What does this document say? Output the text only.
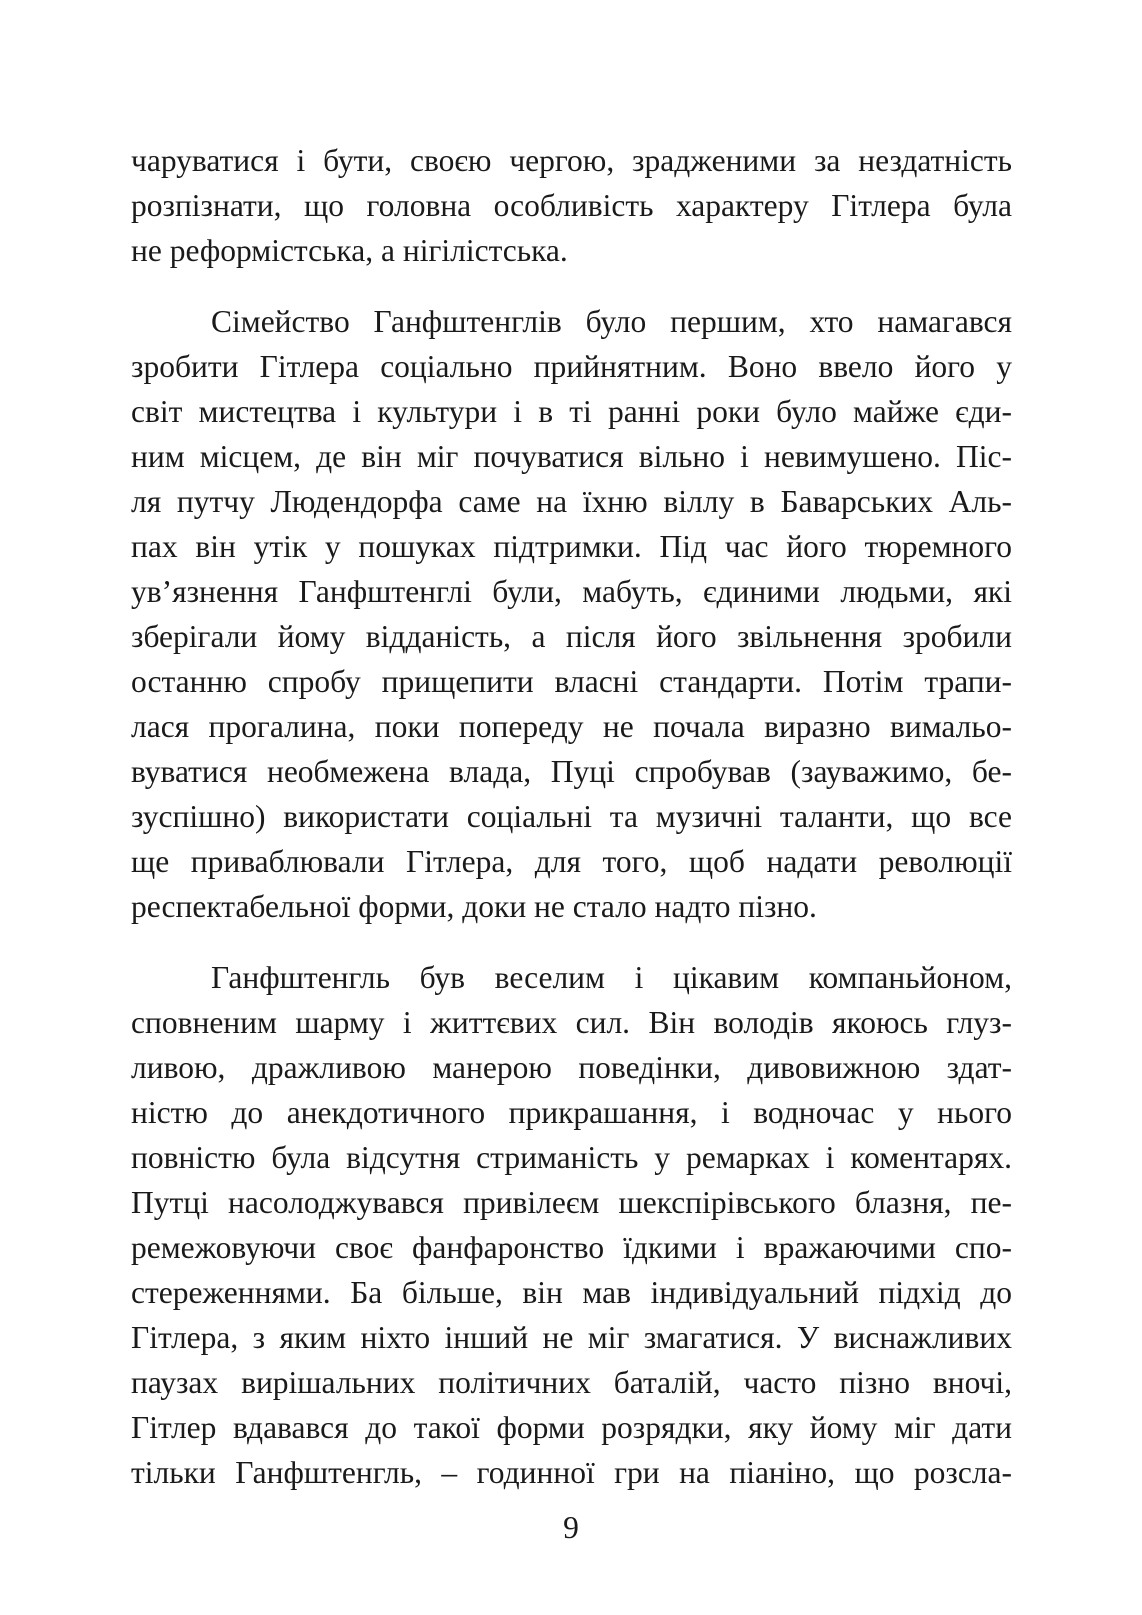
чаруватися і бути, своєю чергою, зрадженими за нездатність
розпізнати, що головна особливість характеру Гітлера була
не реформістська, а нігілістська.
Сімейство Ганфштенглів було першим, хто намагався
зробити Гітлера соціально прийнятним. Воно ввело його у
світ мистецтва і культури і в ті ранні роки було майже єди-
ним місцем, де він міг почуватися вільно і невимушено. Піс-
ля путчу Людендорфа саме на їхню віллу в Баварських Аль-
пах він утік у пошуках підтримки. Під час його тюремного
ув’язнення Ганфштенглі були, мабуть, єдиними людьми, які
зберігали йому відданість, а після його звільнення зробили
останню спробу прищепити власні стандарти. Потім трапи-
лася прогалина, поки попереду не почала виразно вимальо-
вуватися необмежена влада, Пуці спробував (зауважимо, бе-
зуспішно) використати соціальні та музичні таланти, що все
ще приваблювали Гітлера, для того, щоб надати революції
респектабельної форми, доки не стало надто пізно.
Ганфштенгль був веселим і цікавим компаньйоном,
сповненим шарму і життєвих сил. Він володів якоюсь глуз-
ливою, дражливою манерою поведінки, дивовижною здат-
ністю до анекдотичного прикрашання, і водночас у нього
повністю була відсутня стриманість у ремарках і коментарях.
Путці насолоджувався привілеєм шекспірівського блазня, пе-
ремежовуючи своє фанфаронство їдкими і вражаючими спо-
стереженнями. Ба більше, він мав індивідуальний підхід до
Гітлера, з яким ніхто інший не міг змагатися. У виснажливих
паузах вирішальних політичних баталій, часто пізно вночі,
Гітлер вдавався до такої форми розрядки, яку йому міг дати
тільки Ганфштенгль, – годинної гри на піаніно, що розсла-
9
